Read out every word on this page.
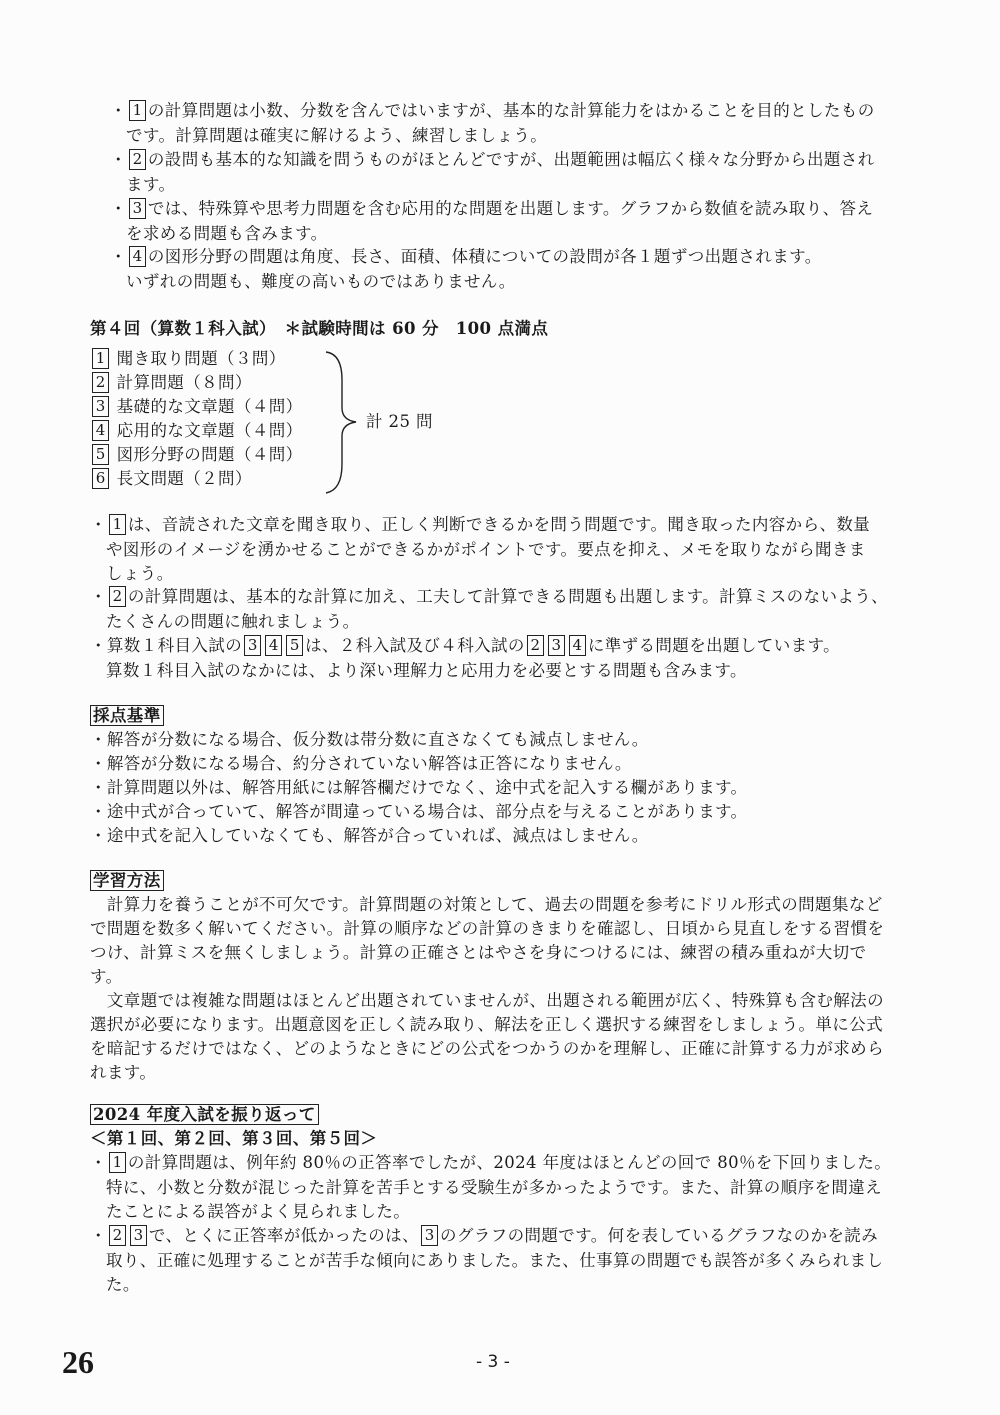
・ 1 の計算問題は小数、分数を含んではいますが、基本的な計算能力をはかることを目的としたもの
です。計算問題は確実に解けるよう、練習しましょう。
・ 2 の設問も基本的な知識を問うものがほとんどですが、出題範囲は幅広く様々な分野から出題され
ます。
・ 3 では、特殊算や思考力問題を含む応用的な問題を出題します。グラフから数値を読み取り、答え
を求める問題も含みます。
・ 4 の図形分野の問題は角度、長さ、面積、体積についての設問が各１題ずつ出題されます。
いずれの問題も、難度の高いものではありません。
第４回（算数１科入試）　＊試験時間は 60 分　100 点満点
1 聞き取り問題（３問）
2 計算問題（８問）
3 基礎的な文章題（４問）
4 応用的な文章題（４問）
5 図形分野の問題（４問）
6 長文問題（２問）
計 25 問
・ 1 は、音読された文章を聞き取り、正しく判断できるかを問う問題です。聞き取った内容から、数量
や図形のイメージを湧かせることができるかがポイントです。要点を抑え、メモを取りながら聞きま
しょう。
・ 2 の計算問題は、基本的な計算に加え、工夫して計算できる問題も出題します。計算ミスのないよう、
たくさんの問題に触れましょう。
・算数１科目入試の 3 4 5 は、２科入試及び４科入試の 2 3 4 に準ずる問題を出題しています。
算数１科目入試のなかには、より深い理解力と応用力を必要とする問題も含みます。
採点基準
・解答が分数になる場合、仮分数は帯分数に直さなくても減点しません。
・解答が分数になる場合、約分されていない解答は正答になりません。
・計算問題以外は、解答用紙には解答欄だけでなく、途中式を記入する欄があります。
・途中式が合っていて、解答が間違っている場合は、部分点を与えることがあります。
・途中式を記入していなくても、解答が合っていれば、減点はしません。
学習方法
　計算力を養うことが不可欠です。計算問題の対策として、過去の問題を参考にドリル形式の問題集など
で問題を数多く解いてください。計算の順序などの計算のきまりを確認し、日頃から見直しをする習慣を
つけ、計算ミスを無くしましょう。計算の正確さとはやさを身につけるには、練習の積み重ねが大切で
す。
　文章題では複雑な問題はほとんど出題されていませんが、出題される範囲が広く、特殊算も含む解法の
選択が必要になります。出題意図を正しく読み取り、解法を正しく選択する練習をしましょう。単に公式
を暗記するだけではなく、どのようなときにどの公式をつかうのかを理解し、正確に計算する力が求めら
れます。
2024 年度入試を振り返って
＜第１回、第２回、第３回、第５回＞
・ 1 の計算問題は、例年約 80％の正答率でしたが、2024 年度はほとんどの回で 80％を下回りました。
特に、小数と分数が混じった計算を苦手とする受験生が多かったようです。また、計算の順序を間違え
たことによる誤答がよく見られました。
・ 2 3 で、とくに正答率が低かったのは、 3 のグラフの問題です。何を表しているグラフなのかを読み
取り、正確に処理することが苦手な傾向にありました。また、仕事算の問題でも誤答が多くみられまし
た。
26	- 3 -
